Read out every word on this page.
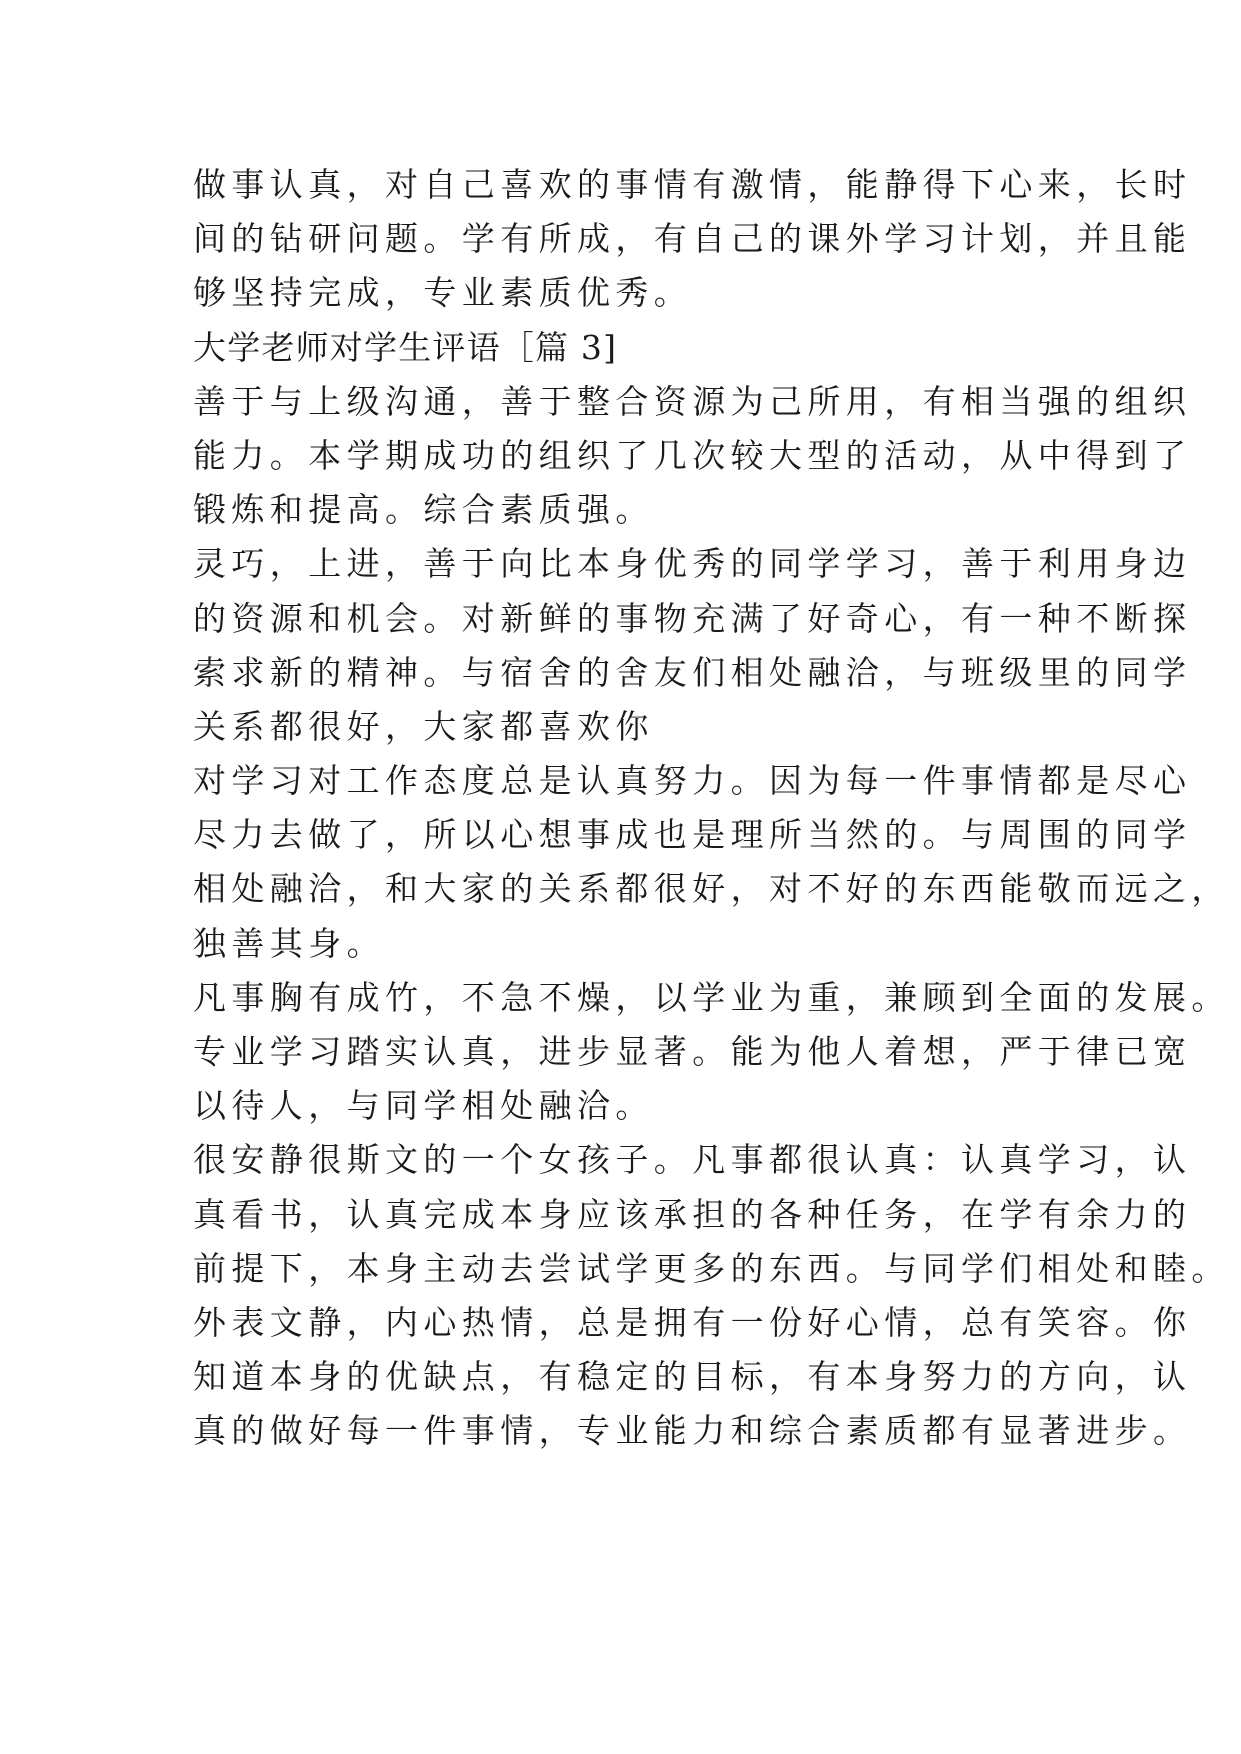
做事认真，对自己喜欢的事情有激情，能静得下心来，长时
间的钻研问题。学有所成，有自己的课外学习计划，并且能
够坚持完成，专业素质优秀。
大学老师对学生评语［篇 3]
善于与上级沟通，善于整合资源为己所用，有相当强的组织
能力。本学期成功的组织了几次较大型的活动，从中得到了
锻炼和提高。综合素质强。
灵巧，上进，善于向比本身优秀的同学学习，善于利用身边
的资源和机会。对新鲜的事物充满了好奇心，有一种不断探
索求新的精神。与宿舍的舍友们相处融洽，与班级里的同学
关系都很好，大家都喜欢你
对学习对工作态度总是认真努力。因为每一件事情都是尽心
尽力去做了，所以心想事成也是理所当然的。与周围的同学
相处融洽，和大家的关系都很好，对不好的东西能敬而远之，
独善其身。
凡事胸有成竹，不急不燥，以学业为重，兼顾到全面的发展。
专业学习踏实认真，进步显著。能为他人着想，严于律已宽
以待人，与同学相处融洽。
很安静很斯文的一个女孩子。凡事都很认真：认真学习，认
真看书，认真完成本身应该承担的各种任务，在学有余力的
前提下，本身主动去尝试学更多的东西。与同学们相处和睦。
外表文静，内心热情，总是拥有一份好心情，总有笑容。你
知道本身的优缺点，有稳定的目标，有本身努力的方向，认
真的做好每一件事情，专业能力和综合素质都有显著进步。
